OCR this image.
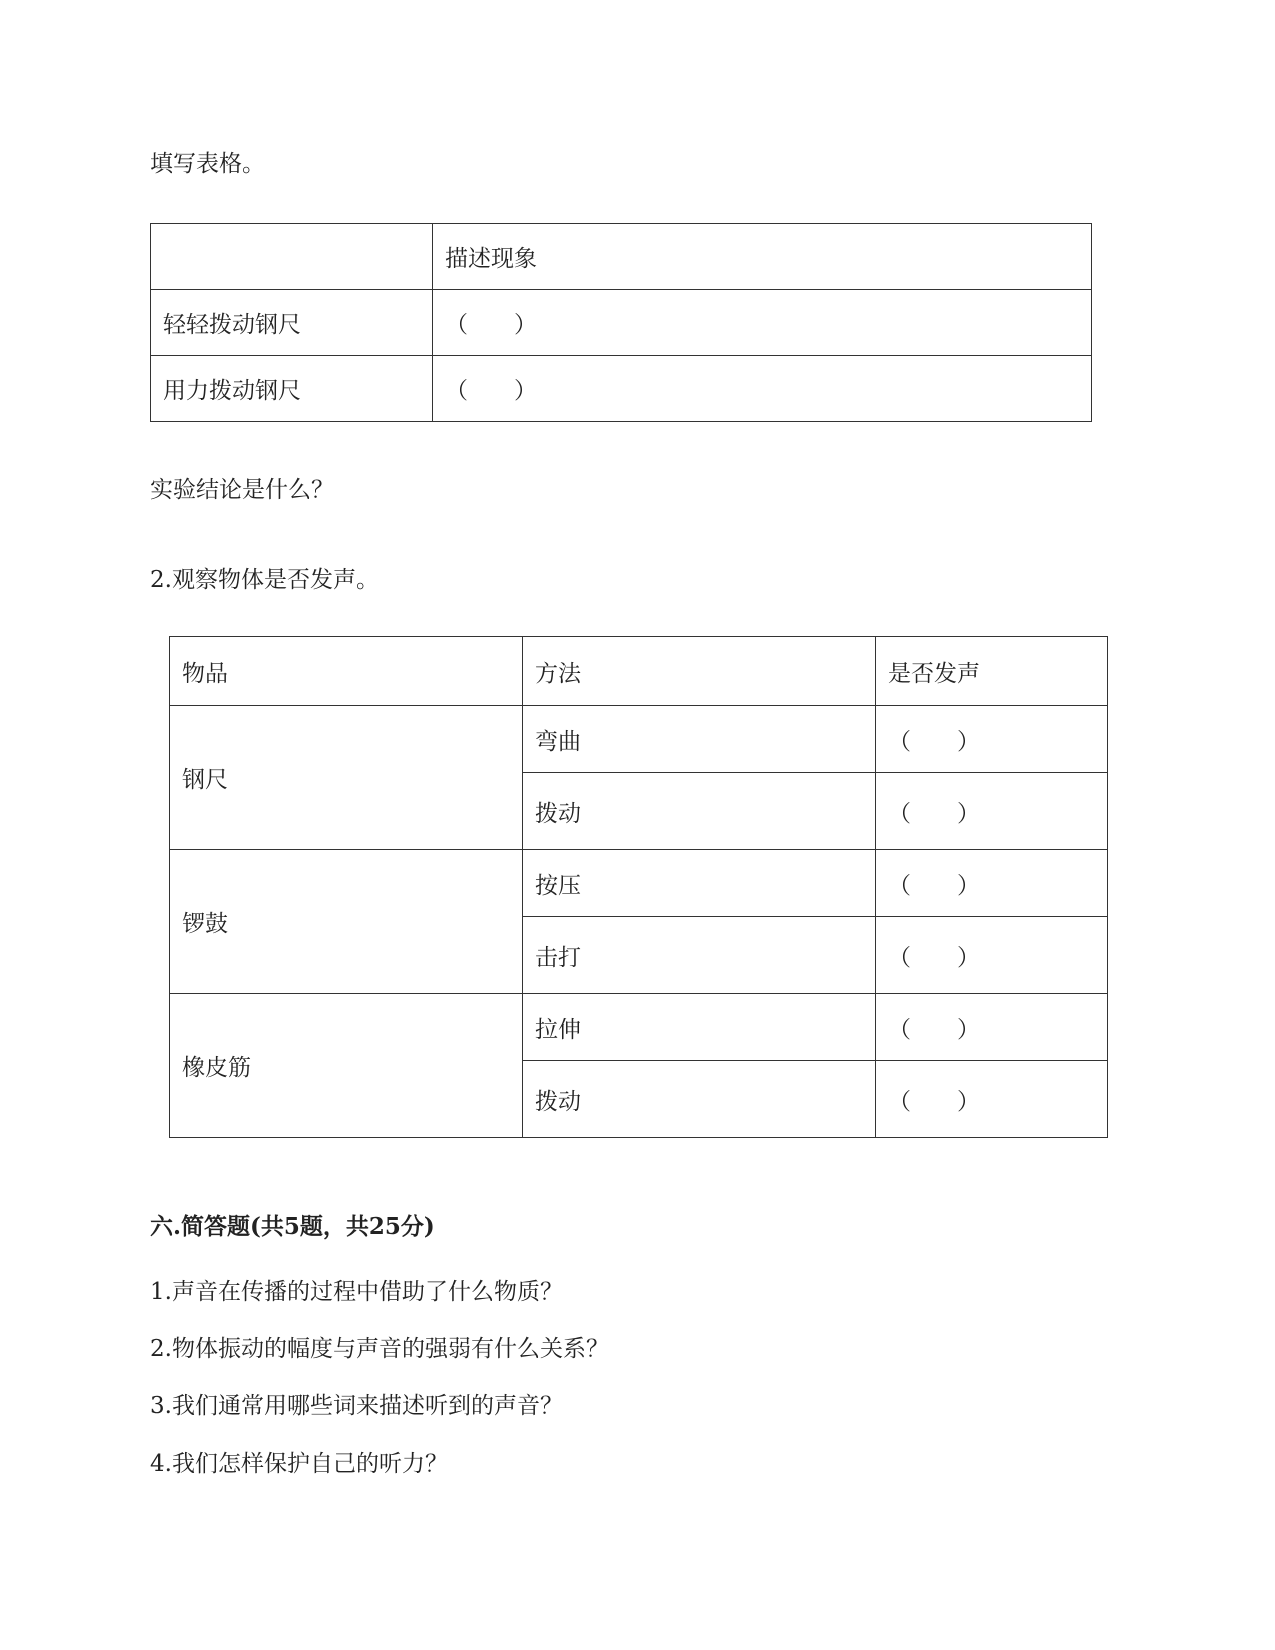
填写表格。

	描述现象
轻轻拨动钢尺	（　　）
用力拨动钢尺	（　　）

实验结论是什么？

2.观察物体是否发声。

物品	方法	是否发声
钢尺	弯曲	（　　）
	拨动	（　　）
锣鼓	按压	（　　）
	击打	（　　）
橡皮筋	拉伸	（　　）
	拨动	（　　）

六.简答题(共5题，共25分)

1.声音在传播的过程中借助了什么物质？

2.物体振动的幅度与声音的强弱有什么关系？

3.我们通常用哪些词来描述听到的声音？

4.我们怎样保护自己的听力？
